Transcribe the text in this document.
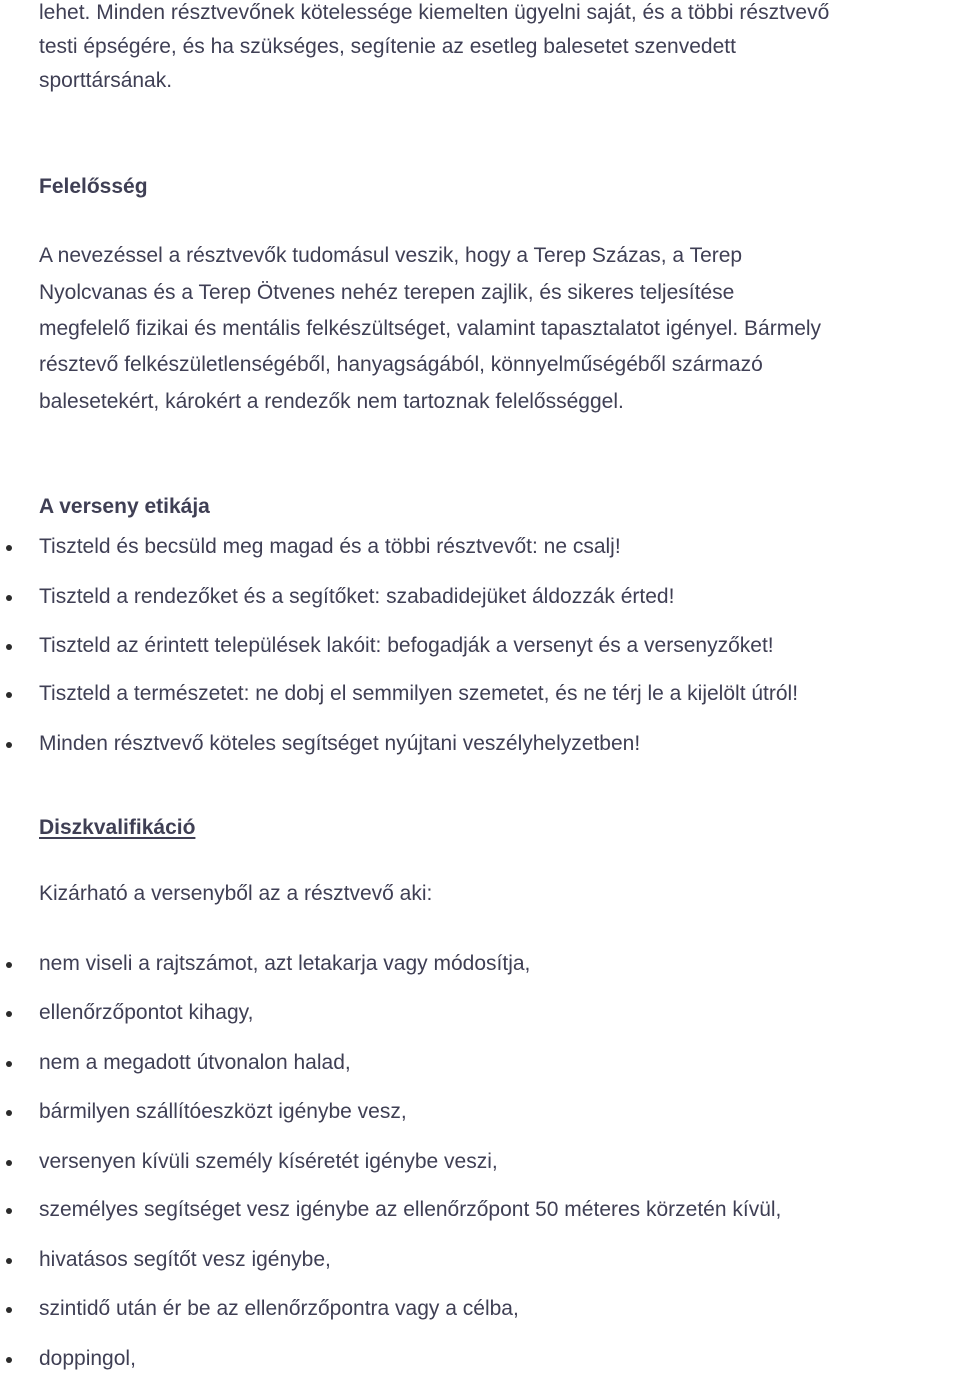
lehet. Minden résztvevőnek kötelessége kiemelten ügyelni saját, és a többi résztvevő
testi épségére, és ha szükséges, segítenie az esetleg balesetet szenvedett
sporttársának.
Felelősség
A nevezéssel a résztvevők tudomásul veszik, hogy a Terep Százas, a Terep
Nyolcvanas és a Terep Ötvenes nehéz terepen zajlik, és sikeres teljesítése
megfelelő fizikai és mentális felkészültséget, valamint tapasztalatot igényel. Bármely
résztevő felkészületlenségéből, hanyagságából, könnyelműségéből származó
balesetekért, károkért a rendezők nem tartoznak felelősséggel.
A verseny etikája
Tiszteld és becsüld meg magad és a többi résztvevőt: ne csalj!
Tiszteld a rendezőket és a segítőket: szabadidejüket áldozzák érted!
Tiszteld az érintett települések lakóit: befogadják a versenyt és a versenyzőket!
Tiszteld a természetet: ne dobj el semmilyen szemetet, és ne térj le a kijelölt útról!
Minden résztvevő köteles segítséget nyújtani veszélyhelyzetben!
Diszkvalifikáció
Kizárható a versenyből az a résztvevő aki:
nem viseli a rajtszámot, azt letakarja vagy módosítja,
ellenőrzőpontot kihagy,
nem a megadott útvonalon halad,
bármilyen szállítóeszközt igénybe vesz,
versenyen kívüli személy kíséretét igénybe veszi,
személyes segítséget vesz igénybe az ellenőrzőpont 50 méteres körzetén kívül,
hivatásos segítőt vesz igénybe,
szintidő után ér be az ellenőrzőpontra vagy a célba,
doppingol,
